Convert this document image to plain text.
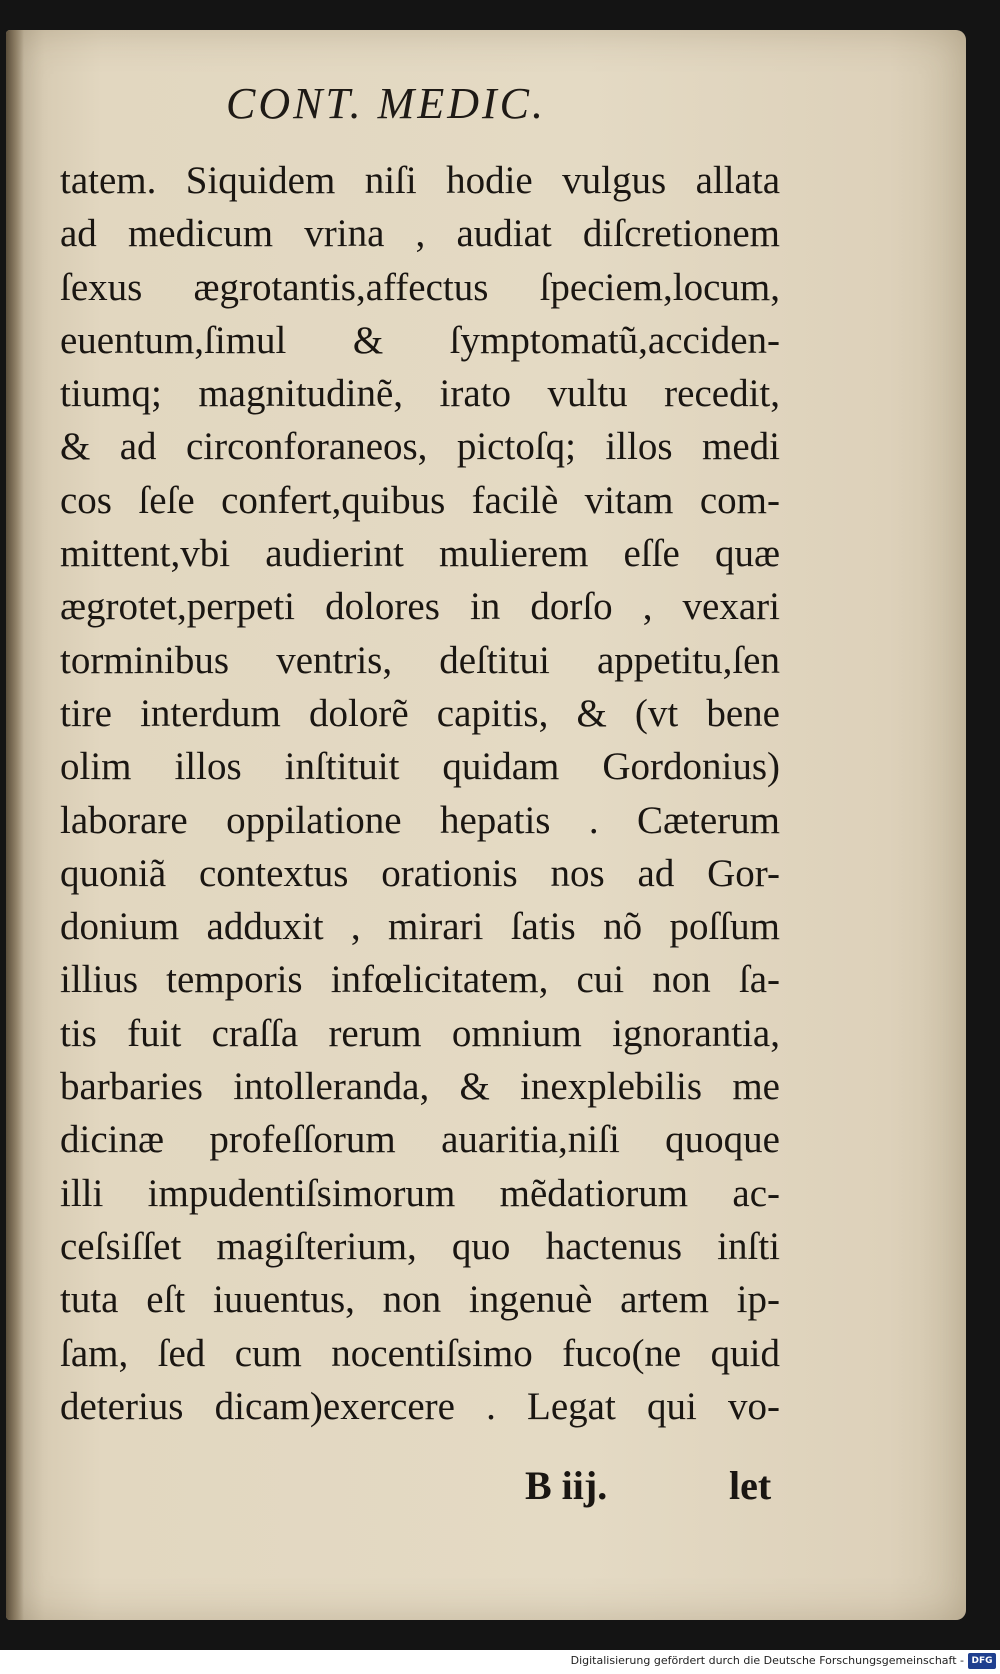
CONT. MEDIC.
tatem. Siquidem niſi hodie vulgus allata
ad medicum vrina , audiat diſcretionem
ſexus ægrotantis,affectus ſpeciem,locum,
euentum,ſimul & ſymptomatũ,acciden-
tiumq; magnitudinẽ, irato vultu recedit,
& ad circonforaneos, pictoſq; illos medi
cos ſeſe confert,quibus facilè vitam com-
mittent,vbi audierint mulierem eſſe quæ
ægrotet,perpeti dolores in dorſo , vexari
torminibus ventris, deſtitui appetitu,ſen
tire interdum dolorẽ capitis, & (vt bene
olim illos inſtituit quidam Gordonius)
laborare oppilatione hepatis . Cæterum
quoniã contextus orationis nos ad Gor-
donium adduxit , mirari ſatis nõ poſſum
illius temporis infœlicitatem, cui non ſa-
tis fuit craſſa rerum omnium ignorantia,
barbaries intolleranda, & inexplebilis me
dicinæ profeſſorum auaritia,niſi quoque
illi impudentiſsimorum mẽdatiorum ac-
ceſsiſſet magiſterium, quo hactenus inſti
tuta eſt iuuentus, non ingenuè artem ip-
ſam, ſed cum nocentiſsimo fuco(ne quid
deterius dicam)exercere . Legat qui vo-
B iij.	let
Digitalisierung gefördert durch die Deutsche Forschungsgemeinschaft - DFG
